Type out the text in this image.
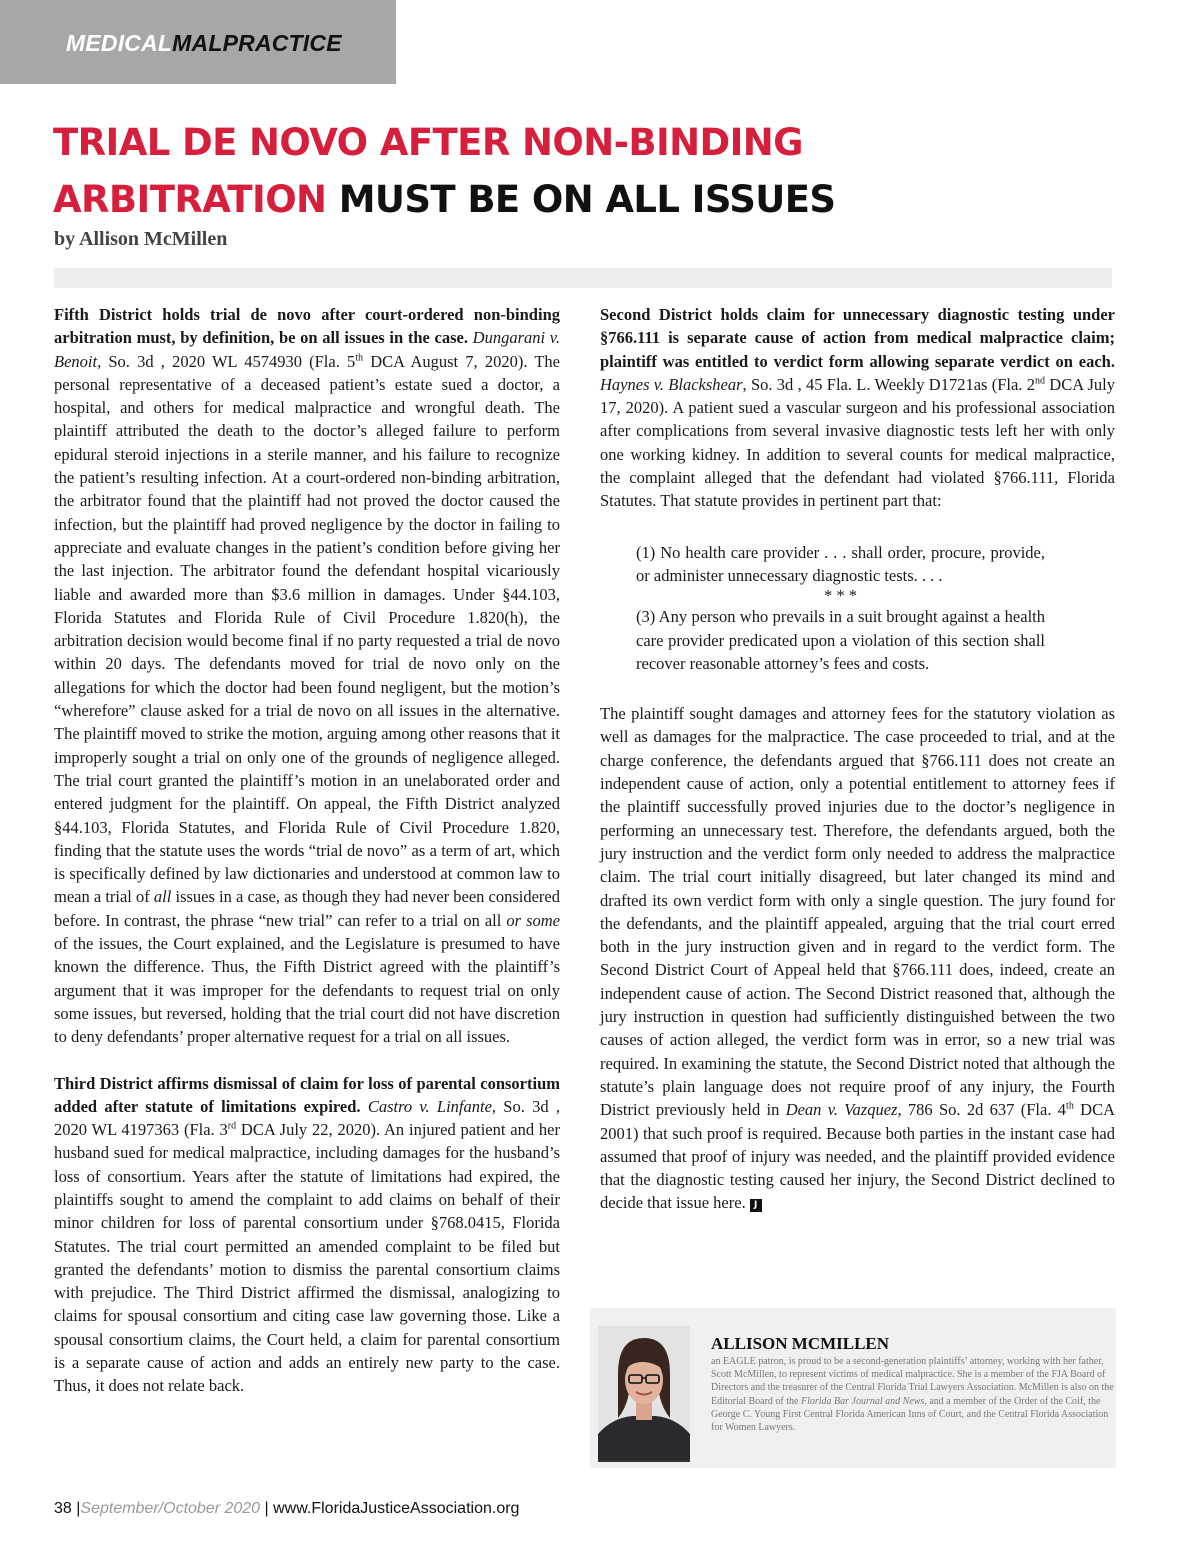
MEDICALMALPRACTICE
TRIAL DE NOVO AFTER NON-BINDING
ARBITRATION MUST BE ON ALL ISSUES

by Allison McMillen

Fifth District holds trial de novo after court-ordered non-binding arbitration must, by definition, be on all issues in the case. Dungarani v. Benoit, So. 3d , 2020 WL 4574930 (Fla. 5th DCA August 7, 2020). The personal representative of a deceased patient’s estate sued a doctor, a hospital, and others for medical malpractice and wrongful death. The plaintiff attributed the death to the doctor’s alleged failure to perform epidural steroid injections in a sterile manner, and his failure to recognize the patient’s resulting infection. At a court-ordered non-binding arbitration, the arbitrator found that the plaintiff had not proved the doctor caused the infection, but the plaintiff had proved negligence by the doctor in failing to appreciate and evaluate changes in the patient’s condition before giving her the last injection. The arbitrator found the defendant hospital vicariously liable and awarded more than $3.6 million in damages. Under §44.103, Florida Statutes and Florida Rule of Civil Procedure 1.820(h), the arbitration decision would become final if no party requested a trial de novo within 20 days. The defendants moved for trial de novo only on the allegations for which the doctor had been found negligent, but the motion’s “wherefore” clause asked for a trial de novo on all issues in the alternative. The plaintiff moved to strike the motion, arguing among other reasons that it improperly sought a trial on only one of the grounds of negligence alleged. The trial court granted the plaintiff’s motion in an unelaborated order and entered judgment for the plaintiff. On appeal, the Fifth District analyzed §44.103, Florida Statutes, and Florida Rule of Civil Procedure 1.820, finding that the statute uses the words “trial de novo” as a term of art, which is specifically defined by law dictionaries and understood at common law to mean a trial of all issues in a case, as though they had never been considered before. In contrast, the phrase “new trial” can refer to a trial on all or some of the issues, the Court explained, and the Legislature is presumed to have known the difference. Thus, the Fifth District agreed with the plaintiff’s argument that it was improper for the defendants to request trial on only some issues, but reversed, holding that the trial court did not have discretion to deny defendants’ proper alternative request for a trial on all issues.

Third District affirms dismissal of claim for loss of parental consortium added after statute of limitations expired. Castro v. Linfante, So. 3d , 2020 WL 4197363 (Fla. 3rd DCA July 22, 2020). An injured patient and her husband sued for medical malpractice, including damages for the husband’s loss of consortium. Years after the statute of limitations had expired, the plaintiffs sought to amend the complaint to add claims on behalf of their minor children for loss of parental consortium under §768.0415, Florida Statutes. The trial court permitted an amended complaint to be filed but granted the defendants’ motion to dismiss the parental consortium claims with prejudice. The Third District affirmed the dismissal, analogizing to claims for spousal consortium and citing case law governing those. Like a spousal consortium claims, the Court held, a claim for parental consortium is a separate cause of action and adds an entirely new party to the case. Thus, it does not relate back.

Second District holds claim for unnecessary diagnostic testing under §766.111 is separate cause of action from medical malpractice claim; plaintiff was entitled to verdict form allowing separate verdict on each. Haynes v. Blackshear, So. 3d , 45 Fla. L. Weekly D1721as (Fla. 2nd DCA July 17, 2020). A patient sued a vascular surgeon and his professional association after complications from several invasive diagnostic tests left her with only one working kidney. In addition to several counts for medical malpractice, the complaint alleged that the defendant had violated §766.111, Florida Statutes. That statute provides in pertinent part that:

(1) No health care provider . . . shall order, procure, provide, or administer unnecessary diagnostic tests. . . .

* * *

(3) Any person who prevails in a suit brought against a health care provider predicated upon a violation of this section shall recover reasonable attorney’s fees and costs.

The plaintiff sought damages and attorney fees for the statutory violation as well as damages for the malpractice. The case proceeded to trial, and at the charge conference, the defendants argued that §766.111 does not create an independent cause of action, only a potential entitlement to attorney fees if the plaintiff successfully proved injuries due to the doctor’s negligence in performing an unnecessary test. Therefore, the defendants argued, both the jury instruction and the verdict form only needed to address the malpractice claim. The trial court initially disagreed, but later changed its mind and drafted its own verdict form with only a single question. The jury found for the defendants, and the plaintiff appealed, arguing that the trial court erred both in the jury instruction given and in regard to the verdict form. The Second District Court of Appeal held that §766.111 does, indeed, create an independent cause of action. The Second District reasoned that, although the jury instruction in question had sufficiently distinguished between the two causes of action alleged, the verdict form was in error, so a new trial was required. In examining the statute, the Second District noted that although the statute’s plain language does not require proof of any injury, the Fourth District previously held in Dean v. Vazquez, 786 So. 2d 637 (Fla. 4th DCA 2001) that such proof is required. Because both parties in the instant case had assumed that proof of injury was needed, and the plaintiff provided evidence that the diagnostic testing caused her injury, the Second District declined to decide that issue here. J

ALLISON MCMILLEN

an EAGLE patron, is proud to be a second-generation plaintiffs’ attorney, working with her father, Scott McMillen, to represent victims of medical malpractice. She is a member of the FJA Board of Directors and the treasurer of the Central Florida Trial Lawyers Association. McMillen is also on the Editorial Board of the Florida Bar Journal and News, and a member of the Order of the Coif, the George C. Young First Central Florida American Inns of Court, and the Central Florida Association for Women Lawyers.

38 |September/October 2020 | www.FloridaJusticeAssociation.org
